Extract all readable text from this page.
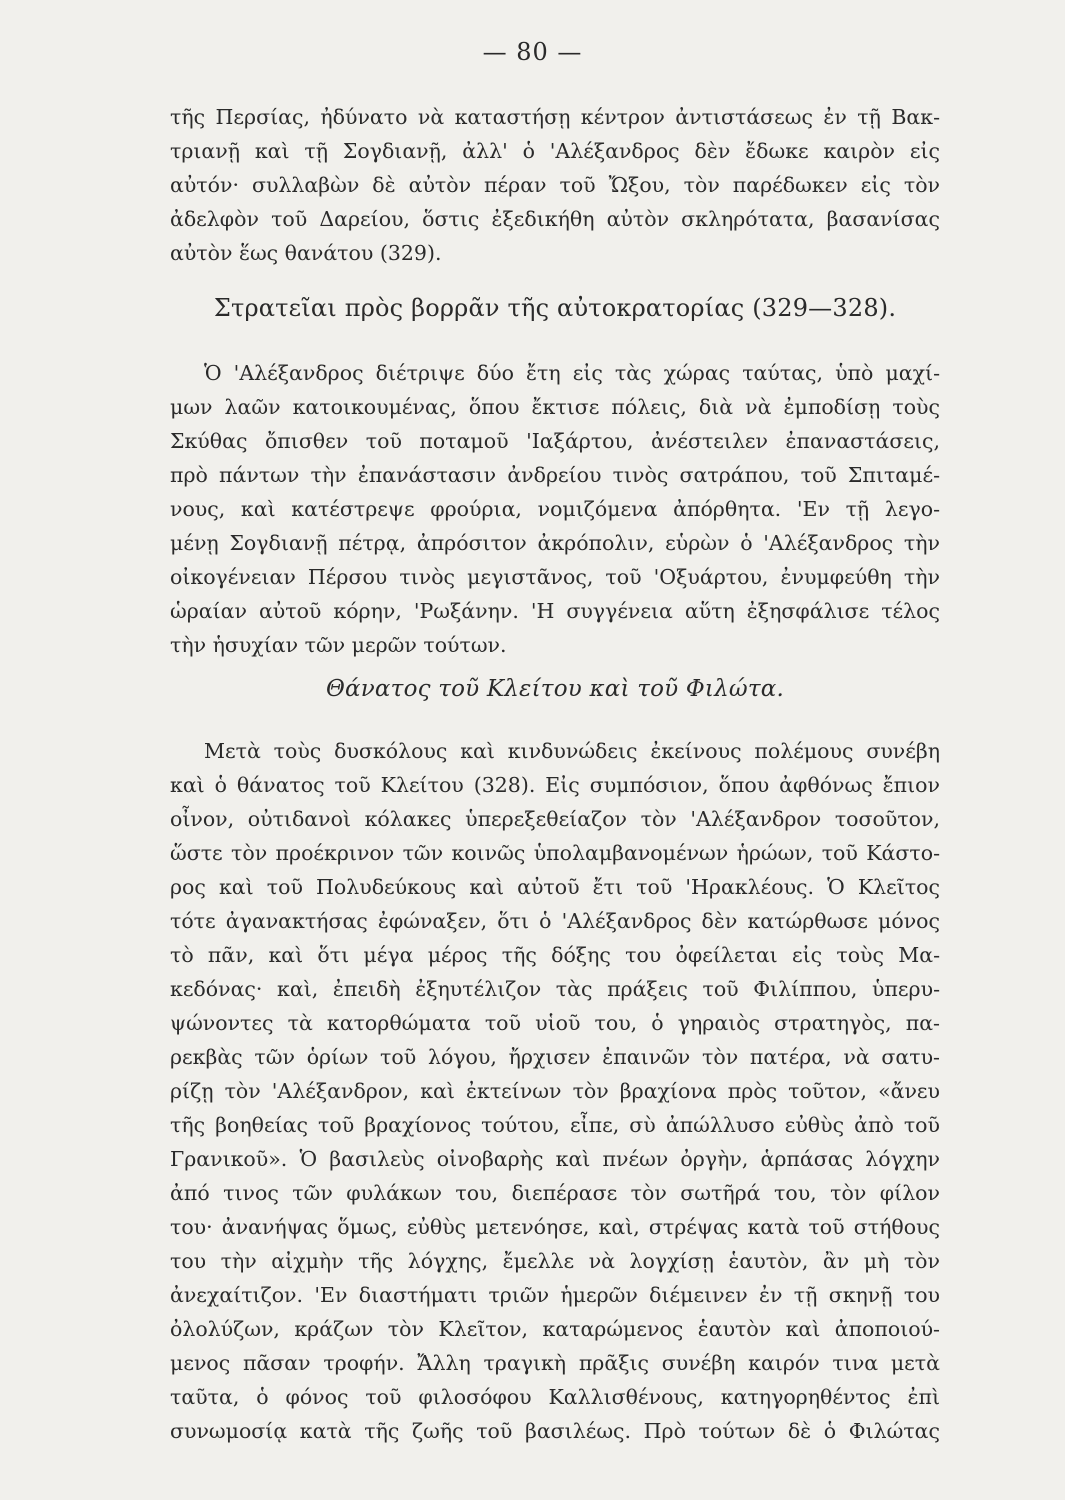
— 80 —
τῆς Περσίας, ἠδύνατο νὰ καταστήσῃ κέντρον ἀντιστάσεως ἐν τῇ Βακ-
τριανῇ καὶ τῇ Σογδιανῇ, ἀλλ' ὁ 'Αλέξανδρος δὲν ἔδωκε καιρὸν εἰς
αὐτόν· συλλαβὼν δὲ αὐτὸν πέραν τοῦ Ὤξου, τὸν παρέδωκεν εἰς τὸν
ἀδελφὸν τοῦ Δαρείου, ὅστις ἐξεδικήθη αὐτὸν σκληρότατα, βασανίσας
αὐτὸν ἕως θανάτου (329).
Στρατεῖαι πρὸς βορρᾶν τῆς αὐτοκρατορίας (329—328).
Ὁ 'Αλέξανδρος διέτριψε δύο ἔτη εἰς τὰς χώρας ταύτας, ὑπὸ μαχί-
μων λαῶν κατοικουμένας, ὅπου ἔκτισε πόλεις, διὰ νὰ ἐμποδίσῃ τοὺς
Σκύθας ὄπισθεν τοῦ ποταμοῦ 'Ιαξάρτου, ἀνέστειλεν ἐπαναστάσεις,
πρὸ πάντων τὴν ἐπανάστασιν ἀνδρείου τινὸς σατράπου, τοῦ Σπιταμέ-
νους, καὶ κατέστρεψε φρούρια, νομιζόμενα ἀπόρθητα. 'Εν τῇ λεγο-
μένῃ Σογδιανῇ πέτρᾳ, ἀπρόσιτον ἀκρόπολιν, εὑρὼν ὁ 'Αλέξανδρος τὴν
οἰκογένειαν Πέρσου τινὸς μεγιστᾶνος, τοῦ 'Οξυάρτου, ἐνυμφεύθη τὴν
ὡραίαν αὐτοῦ κόρην, 'Ρωξάνην. 'Η συγγένεια αὕτη ἐξησφάλισε τέλος
τὴν ἡσυχίαν τῶν μερῶν τούτων.
Θάνατος τοῦ Κλείτου καὶ τοῦ Φιλώτα.
Μετὰ τοὺς δυσκόλους καὶ κινδυνώδεις ἐκείνους πολέμους συνέβη
καὶ ὁ θάνατος τοῦ Κλείτου (328). Εἰς συμπόσιον, ὅπου ἀφθόνως ἔπιον
οἶνον, οὐτιδανοὶ κόλακες ὑπερεξεθείαζον τὸν 'Αλέξανδρον τοσοῦτον,
ὥστε τὸν προέκρινον τῶν κοινῶς ὑπολαμβανομένων ἡρώων, τοῦ Κάστο-
ρος καὶ τοῦ Πολυδεύκους καὶ αὐτοῦ ἔτι τοῦ 'Ηρακλέους. Ὁ Κλεῖτος
τότε ἀγανακτήσας ἐφώναξεν, ὅτι ὁ 'Αλέξανδρος δὲν κατώρθωσε μόνος
τὸ πᾶν, καὶ ὅτι μέγα μέρος τῆς δόξης του ὀφείλεται εἰς τοὺς Μα-
κεδόνας· καὶ, ἐπειδὴ ἐξηυτέλιζον τὰς πράξεις τοῦ Φιλίππου, ὑπερυ-
ψώνοντες τὰ κατορθώματα τοῦ υἱοῦ του, ὁ γηραιὸς στρατηγὸς, πα-
ρεκβὰς τῶν ὁρίων τοῦ λόγου, ἤρχισεν ἐπαινῶν τὸν πατέρα, νὰ σατυ-
ρίζῃ τὸν 'Αλέξανδρον, καὶ ἐκτείνων τὸν βραχίονα πρὸς τοῦτον, «ἄνευ
τῆς βοηθείας τοῦ βραχίονος τούτου, εἶπε, σὺ ἀπώλλυσο εὐθὺς ἀπὸ τοῦ
Γρανικοῦ». Ὁ βασιλεὺς οἰνοβαρὴς καὶ πνέων ὀργὴν, ἁρπάσας λόγχην
ἀπό τινος τῶν φυλάκων του, διεπέρασε τὸν σωτῆρά του, τὸν φίλον
του· ἀνανήψας ὅμως, εὐθὺς μετενόησε, καὶ, στρέψας κατὰ τοῦ στήθους
του τὴν αἰχμὴν τῆς λόγχης, ἔμελλε νὰ λογχίσῃ ἑαυτὸν, ἂν μὴ τὸν
ἀνεχαίτιζον. 'Εν διαστήματι τριῶν ἡμερῶν διέμεινεν ἐν τῇ σκηνῇ του
ὀλολύζων, κράζων τὸν Κλεῖτον, καταρώμενος ἑαυτὸν καὶ ἀποποιού-
μενος πᾶσαν τροφήν. Ἄλλη τραγικὴ πρᾶξις συνέβη καιρόν τινα μετὰ
ταῦτα, ὁ φόνος τοῦ φιλοσόφου Καλλισθένους, κατηγορηθέντος ἐπὶ
συνωμοσίᾳ κατὰ τῆς ζωῆς τοῦ βασιλέως. Πρὸ τούτων δὲ ὁ Φιλώτας
